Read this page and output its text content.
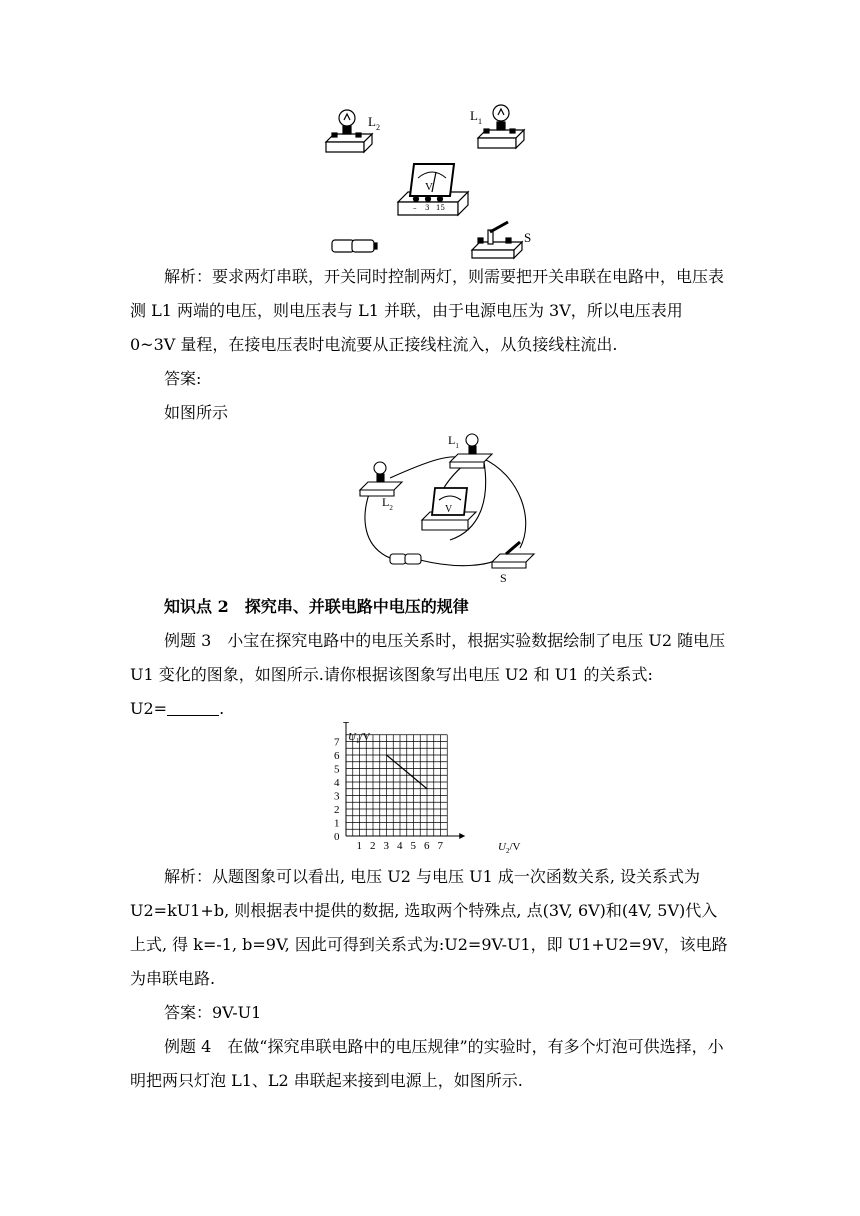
$L_2$
$L_1$
V
– 3 15
S

解析：要求两灯串联，开关同时控制两灯，则需要把开关串联在电路中，电压表测 L1 两端的电压，则电压表与 L1 并联，由于电源电压为 3V，所以电压表用 0~3V 量程，在接电压表时电流要从正接线柱流入，从负接线柱流出.

答案:
如图所示
$L_1$
$L_2$	V
S
知识点 2　探究串、并联电路中电压的规律

例题 3　小宝在探究电路中的电压关系时，根据实验数据绘制了电压 U2 随电压 U1 变化的图象，如图所示.请你根据该图象写出电压 U2 和 U1 的关系式:

U2=	.
1 2 3 4 5 6 7
0
1
2
3
4
5
6
7 $U_1/V$
$U_2/V$

解析：从题图象可以看出, 电压 U2 与电压 U1 成一次函数关系, 设关系式为 U2=kU1+b, 则根据表中提供的数据, 选取两个特殊点, 点(3V, 6V)和(4V, 5V)代入上式, 得 k=-1, b=9V, 因此可得到关系式为:U2=9V-U1，即 U1+U2=9V，该电路为串联电路.

答案：9V-U1

例题 4　在做“探究串联电路中的电压规律”的实验时，有多个灯泡可供选择，小明把两只灯泡 L1、L2 串联起来接到电源上，如图所示.
